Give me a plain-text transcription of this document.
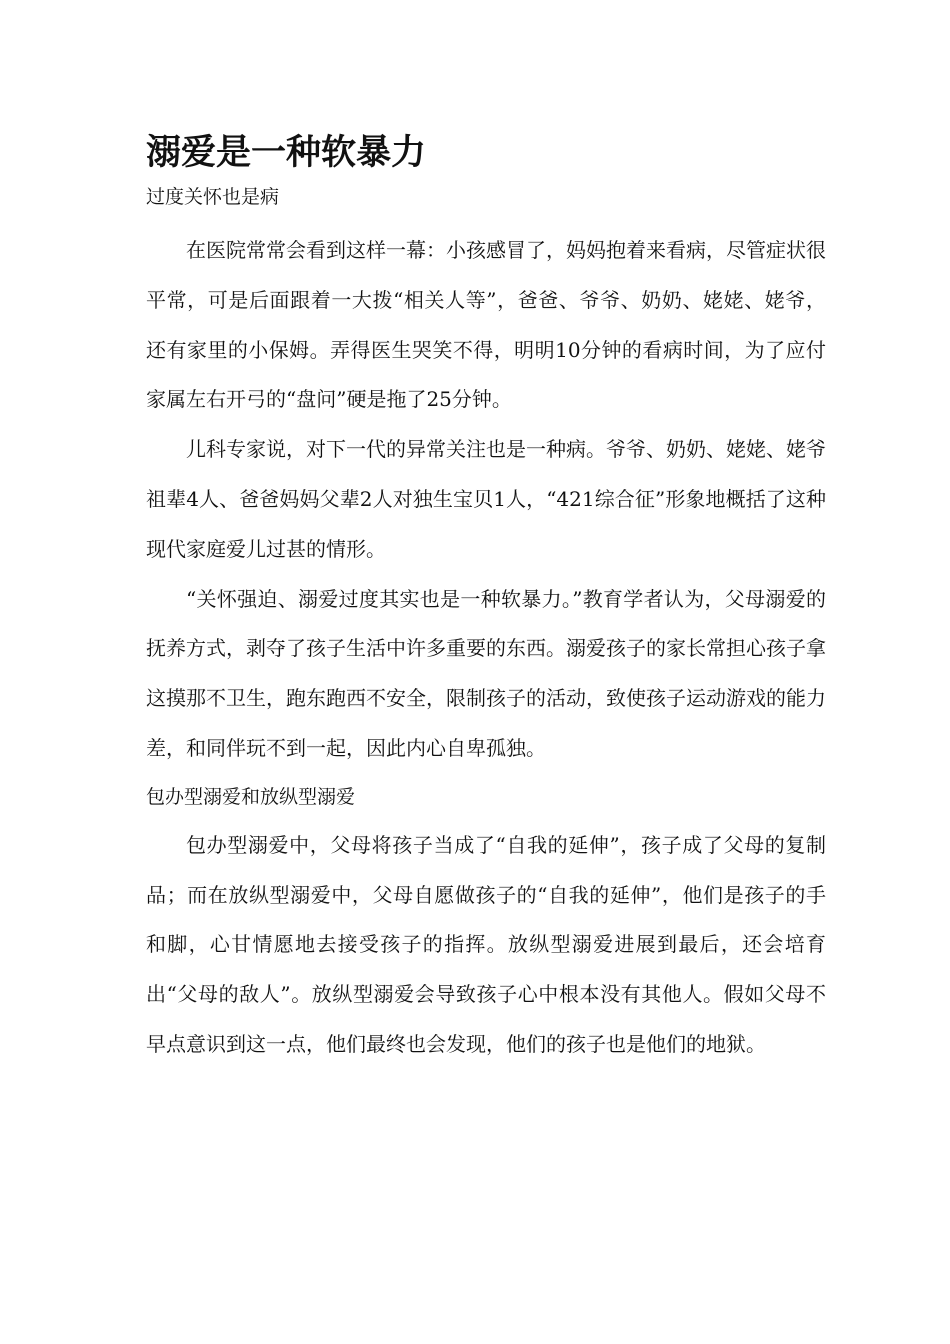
溺爱是一种软暴力
过度关怀也是病

在医院常常会看到这样一幕：小孩感冒了，妈妈抱着来看病，尽管症状很平常，可是后面跟着一大拨“相关人等”，爸爸、爷爷、奶奶、姥姥、姥爷，还有家里的小保姆。弄得医生哭笑不得，明明10分钟的看病时间，为了应付家属左右开弓的“盘问”硬是拖了25分钟。

儿科专家说，对下一代的异常关注也是一种病。爷爷、奶奶、姥姥、姥爷祖辈4人、爸爸妈妈父辈2人对独生宝贝1人，“421综合征”形象地概括了这种现代家庭爱儿过甚的情形。

“关怀强迫、溺爱过度其实也是一种软暴力。”教育学者认为，父母溺爱的抚养方式，剥夺了孩子生活中许多重要的东西。溺爱孩子的家长常担心孩子拿这摸那不卫生，跑东跑西不安全，限制孩子的活动，致使孩子运动游戏的能力差，和同伴玩不到一起，因此内心自卑孤独。

包办型溺爱和放纵型溺爱

包办型溺爱中，父母将孩子当成了“自我的延伸”，孩子成了父母的复制品；而在放纵型溺爱中，父母自愿做孩子的“自我的延伸”，他们是孩子的手和脚，心甘情愿地去接受孩子的指挥。放纵型溺爱进展到最后，还会培育出“父母的敌人”。放纵型溺爱会导致孩子心中根本没有其他人。假如父母不早点意识到这一点，他们最终也会发现，他们的孩子也是他们的地狱。
